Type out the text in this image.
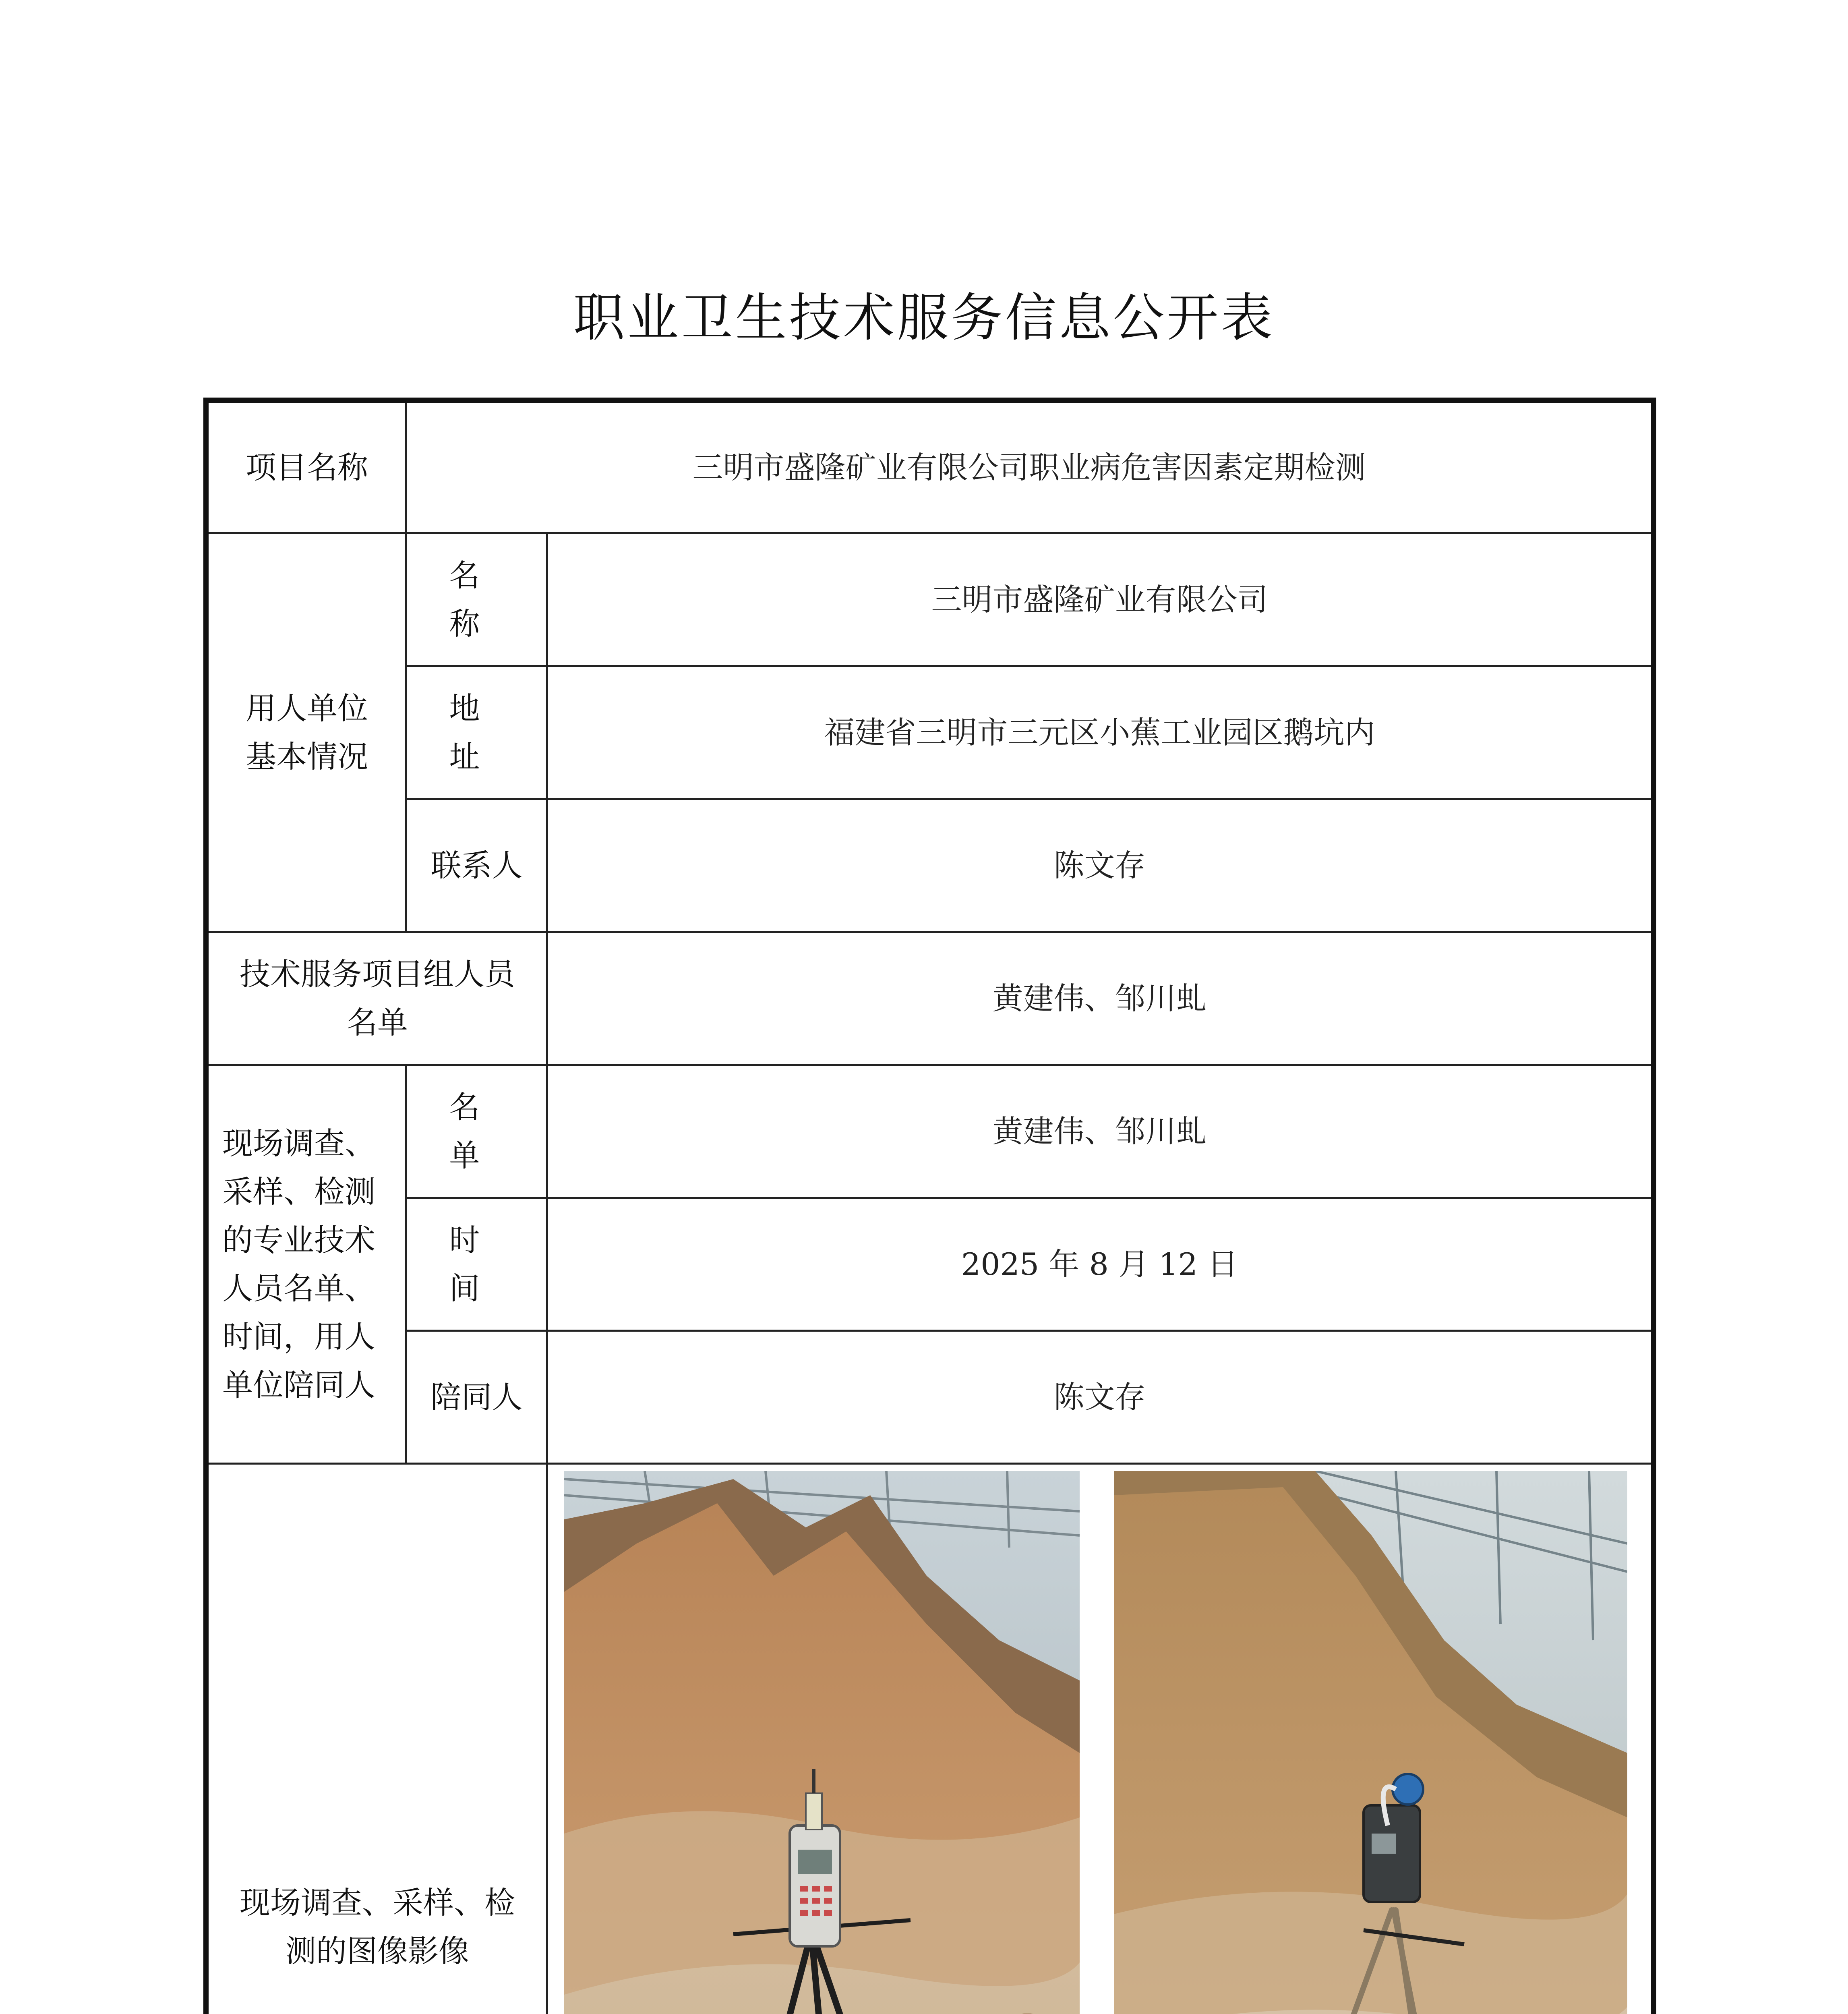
职业卫生技术服务信息公开表
项目名称	三明市盛隆矿业有限公司职业病危害因素定期检测	
用人单位基本情况	名 称	三明市盛隆矿业有限公司
	地 址	福建省三明市三元区小蕉工业园区鹅坑内
	联系人	陈文存
技术服务项目组人员名单		黄建伟、邹川虬
现场调查、采样、检测的专业技术人员名单、时间，用人单位陪同人	名 单	黄建伟、邹川虬
	时 间	2025 年 8 月 12 日
	陪同人	陈文存
现场调查、采样、检测的图像影像	
